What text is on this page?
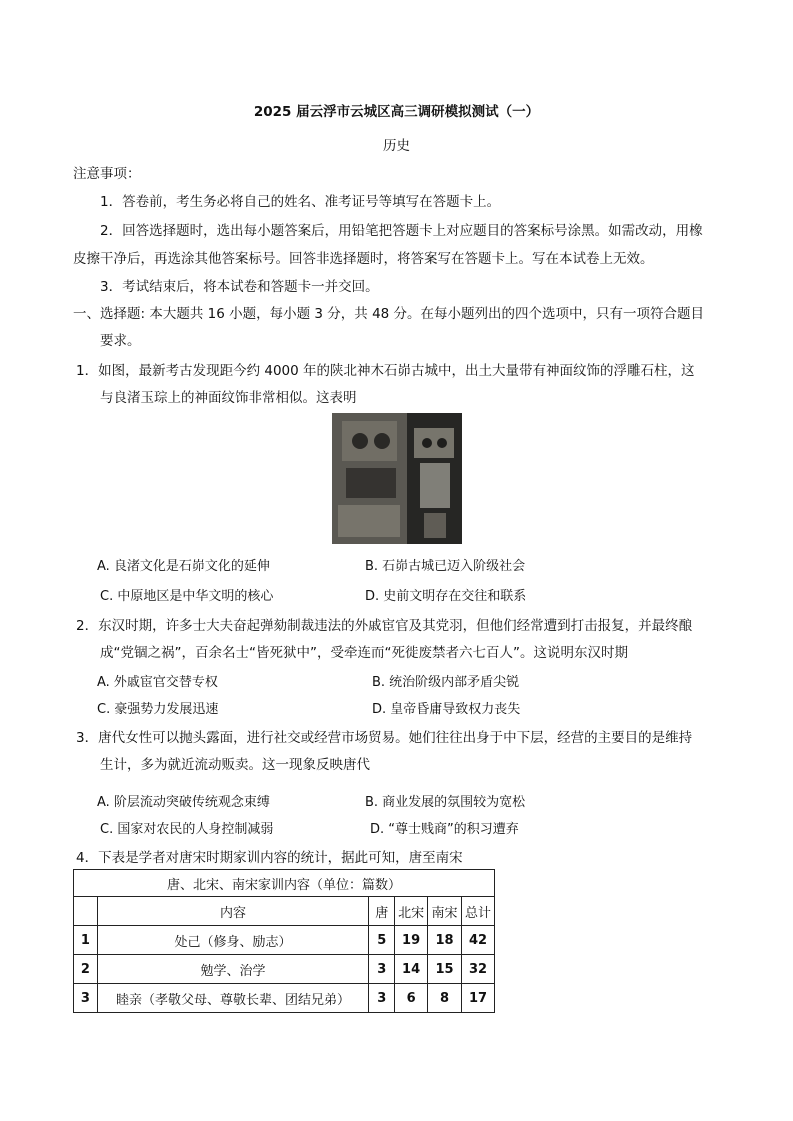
2025 届云浮市云城区高三调研模拟测试（一）
历史
注意事项：
1．答卷前，考生务必将自己的姓名、准考证号等填写在答题卡上。
2．回答选择题时，选出每小题答案后，用铅笔把答题卡上对应题目的答案标号涂黑。如需改动，用橡
皮擦干净后，再选涂其他答案标号。回答非选择题时，将答案写在答题卡上。写在本试卷上无效。
3．考试结束后，将本试卷和答题卡一并交回。
一、选择题: 本大题共 16 小题，每小题 3 分，共 48 分。在每小题列出的四个选项中，只有一项符合题目
要求。
1．如图，最新考古发现距今约 4000 年的陕北神木石峁古城中，出土大量带有神面纹饰的浮雕石柱，这
与良渚玉琮上的神面纹饰非常相似。这表明
A. 良渚文化是石峁文化的延伸	B. 石峁古城已迈入阶级社会
C. 中原地区是中华文明的核心	D. 史前文明存在交往和联系
2．东汉时期，许多士大夫奋起弹劾制裁违法的外戚宦官及其党羽，但他们经常遭到打击报复，并最终酿
成“党锢之祸”，百余名士“皆死狱中”，受牵连而“死徙废禁者六七百人”。这说明东汉时期
A. 外戚宦官交替专权	B. 统治阶级内部矛盾尖锐
C. 豪强势力发展迅速	D. 皇帝昏庸导致权力丧失
3．唐代女性可以抛头露面，进行社交或经营市场贸易。她们往往出身于中下层，经营的主要目的是维持
生计，多为就近流动贩卖。这一现象反映唐代
A. 阶层流动突破传统观念束缚	B. 商业发展的氛围较为宽松
C. 国家对农民的人身控制减弱	D. “尊士贱商”的积习遭弃
4．下表是学者对唐宋时期家训内容的统计，据此可知，唐至南宋
唐、北宋、南宋家训内容（单位：篇数）					
	内容	唐	北宋	南宋	总计
1	处己（修身、励志）	5	19	18	42
2	勉学、治学	3	14	15	32
3	睦亲（孝敬父母、尊敬长辈、团结兄弟）	3	6	8	17
